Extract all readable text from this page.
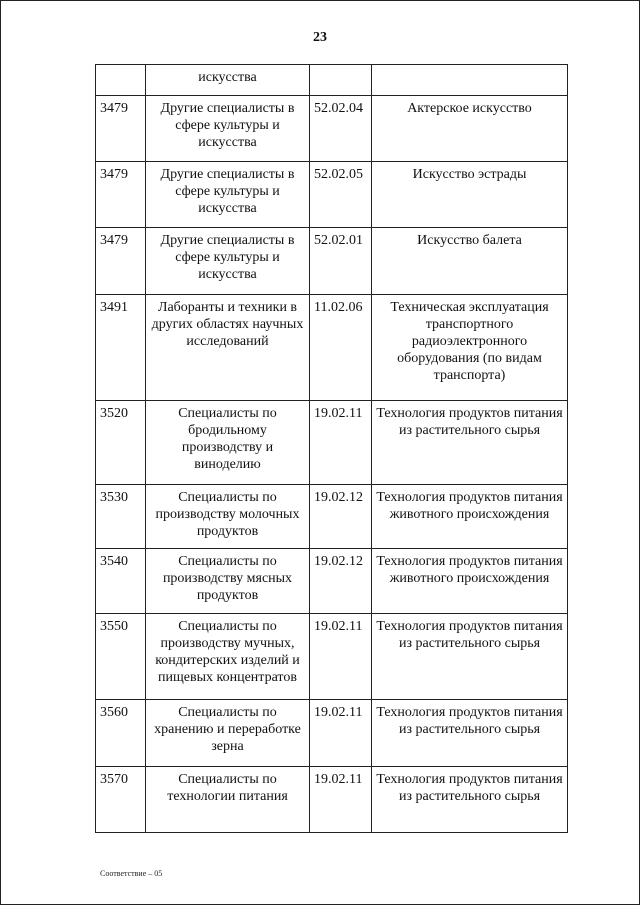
23
	искусства		
3479	Другие специалисты в сфере культуры и искусства	52.02.04	Актерское искусство
3479	Другие специалисты в сфере культуры и искусства	52.02.05	Искусство эстрады
3479	Другие специалисты в сфере культуры и искусства	52.02.01	Искусство балета
3491	Лаборанты и техники в других областях научных исследований	11.02.06	Техническая эксплуатация транспортного радиоэлектронного оборудования (по видам транспорта)
3520	Специалисты по бродильному производству и виноделию	19.02.11	Технология продуктов питания из растительного сырья
3530	Специалисты по производству молочных продуктов	19.02.12	Технология продуктов питания животного происхождения
3540	Специалисты по производству мясных продуктов	19.02.12	Технология продуктов питания животного происхождения
3550	Специалисты по производству мучных, кондитерских изделий и пищевых концентратов	19.02.11	Технология продуктов питания из растительного сырья
3560	Специалисты по хранению и переработке зерна	19.02.11	Технология продуктов питания из растительного сырья
3570	Специалисты по технологии питания	19.02.11	Технология продуктов питания из растительного сырья
Соответствие – 05
